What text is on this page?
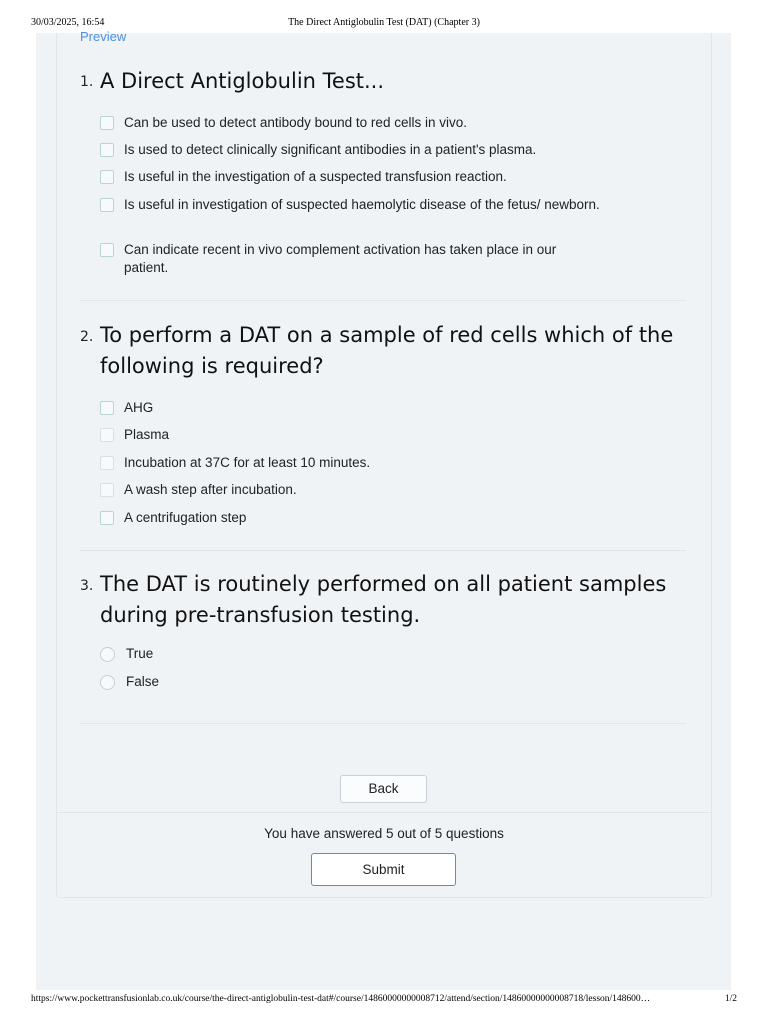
30/03/2025, 16:54	The Direct Antiglobulin Test (DAT) (Chapter 3)
Preview
1. A Direct Antiglobulin Test...
Can be used to detect antibody bound to red cells in vivo.
Is used to detect clinically significant antibodies in a patient's plasma.
Is useful in the investigation of a suspected transfusion reaction.
Is useful in investigation of suspected haemolytic disease of the fetus/ newborn.
Can indicate recent in vivo complement activation has taken place in our patient.
2. To perform a DAT on a sample of red cells which of the following is required?
AHG
Plasma
Incubation at 37C for at least 10 minutes.
A wash step after incubation.
A centrifugation step
3. The DAT is routinely performed on all patient samples during pre-transfusion testing.
True
False
Back
You have answered 5 out of 5 questions
Submit
https://www.pockettransfusionlab.co.uk/course/the-direct-antiglobulin-test-dat#/course/14860000000008712/attend/section/14860000000008718/lesson/148600…	1/2
